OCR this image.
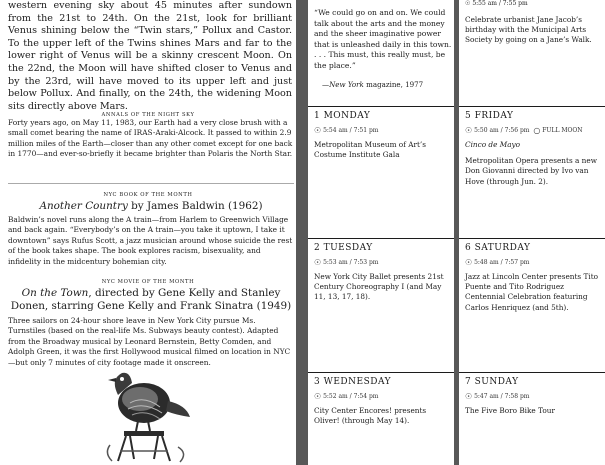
western evening sky about 45 minutes after sundown from the 21st to 24th. On the 21st, look for brilliant Venus shining below the “Twin stars,” Pollux and Castor. To the upper left of the Twins shines Mars and far to the lower right of Venus will be a skinny crescent Moon. On the 22nd, the Moon will have shifted closer to Venus and by the 23rd, will have moved to its upper left and just below Pollux. And finally, on the 24th, the widening Moon sits directly above Mars.

ANNALS OF THE NIGHT SKY

Forty years ago, on May 11, 1983, our Earth had a very close brush with a small comet bearing the name of IRAS-Araki-Alcock. It passed to within 2.9 million miles of the Earth—closer than any other comet except for one back in 1770—and ever-so-briefly it became brighter than Polaris the North Star.

NYC BOOK OF THE MONTH
Another Country by James Baldwin (1962)

Baldwin’s novel runs along the A train—from Harlem to Greenwich Village and back again. “Everybody’s on the A train—you take it uptown, I take it downtown” says Rufus Scott, a jazz musician around whose suicide the rest of the book takes shape. The book explores racism, bisexuality, and infidelity in the midcentury bohemian city.

NYC MOVIE OF THE MONTH
On the Town, directed by Gene Kelly and Stanley Donen, starring Gene Kelly and Frank Sinatra (1949)

Three sailors on 24-hour shore leave in New York City pursue Ms. Turnstiles (based on the real-life Ms. Subways beauty contest). Adapted from the Broadway musical by Leonard Bernstein, Betty Comden, and Adolph Green, it was the first Hollywood musical filmed on location in NYC—but only 7 minutes of city footage made it onscreen.

“We could go on and on. We could talk about the arts and the money and the sheer imaginative power that is unleashed daily in this town. . . . This must, this really must, be the place.”

—New York magazine, 1977
1 MONDAY
☉ 5:54 am / 7:51 pm

Metropolitan Museum of Art’s Costume Institute Gala

2 TUESDAY
☉ 5:53 am / 7:53 pm

New York City Ballet presents 21st Century Choreography I (and May 11, 13, 17, 18).

3 WEDNESDAY
☉ 5:52 am / 7:54 pm

City Center Encores! presents Oliver! (through May 14).

☉ 5:55 am / 7:55 pm

Celebrate urbanist Jane Jacob’s birthday with the Municipal Arts Society by going on a Jane’s Walk.

5 FRIDAY
☉ 5:50 am / 7:56 pm ○ FULL MOON

Cinco de Mayo

Metropolitan Opera presents a new Don Giovanni directed by Ivo van Hove (through Jun. 2).

6 SATURDAY
☉ 5:48 am / 7:57 pm

Jazz at Lincoln Center presents Tito Puente and Tito Rodriguez Centennial Celebration featuring Carlos Henriquez (and 5th).

7 SUNDAY
☉ 5:47 am / 7:58 pm

The Five Boro Bike Tour
